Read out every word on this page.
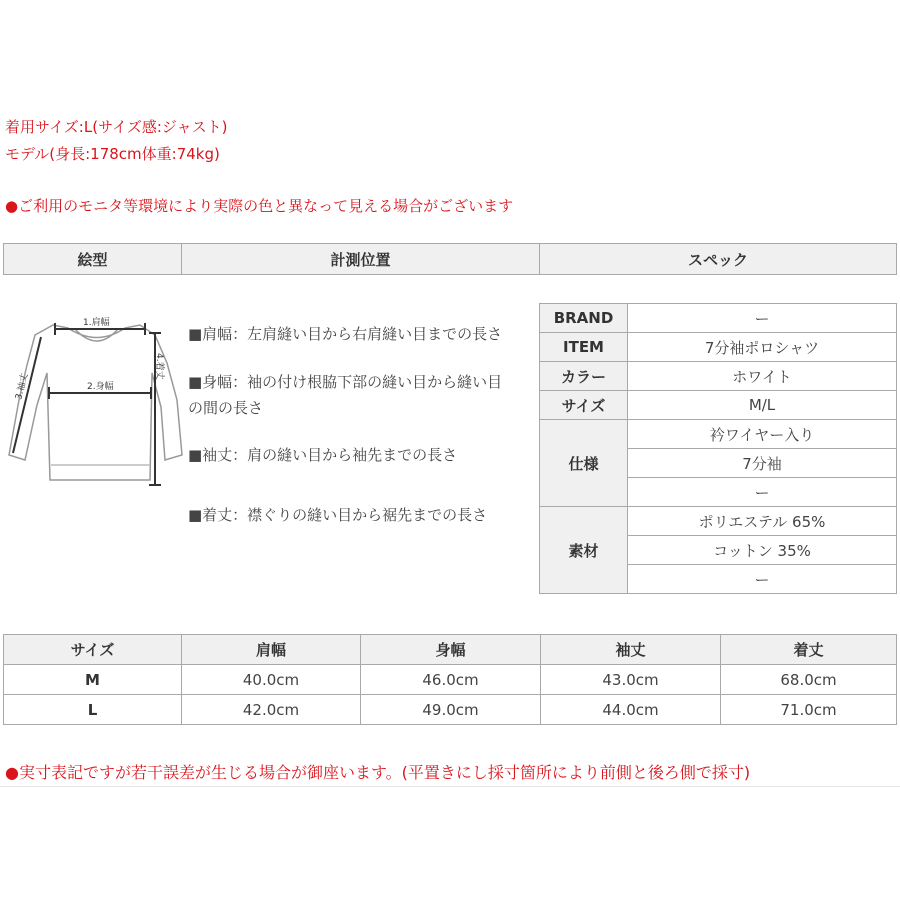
着用サイズ:L(サイズ感:ジャスト)
モデル(身長:178cm体重:74kg)
●ご利用のモニタ等環境により実際の色と異なって見える場合がございます
絵型	計測位置	スペック
1.肩幅
2.身幅
3.袖丈
4.着丈
■肩幅：左肩縫い目から右肩縫い目までの長さ
■身幅：袖の付け根脇下部の縫い目から縫い目
の間の長さ
■袖丈：肩の縫い目から袖先までの長さ
■着丈：襟ぐりの縫い目から裾先までの長さ
BRAND	ー
ITEM	7分袖ポロシャツ
カラー	ホワイト
サイズ	M/L
仕様	衿ワイヤー入り
	7分袖
	ー
素材	ポリエステル 65%
	コットン 35%
	ー
サイズ	肩幅	身幅	袖丈	着丈
M	40.0cm	46.0cm	43.0cm	68.0cm
L	42.0cm	49.0cm	44.0cm	71.0cm
●実寸表記ですが若干誤差が生じる場合が御座います。(平置きにし採寸箇所により前側と後ろ側で採寸)
